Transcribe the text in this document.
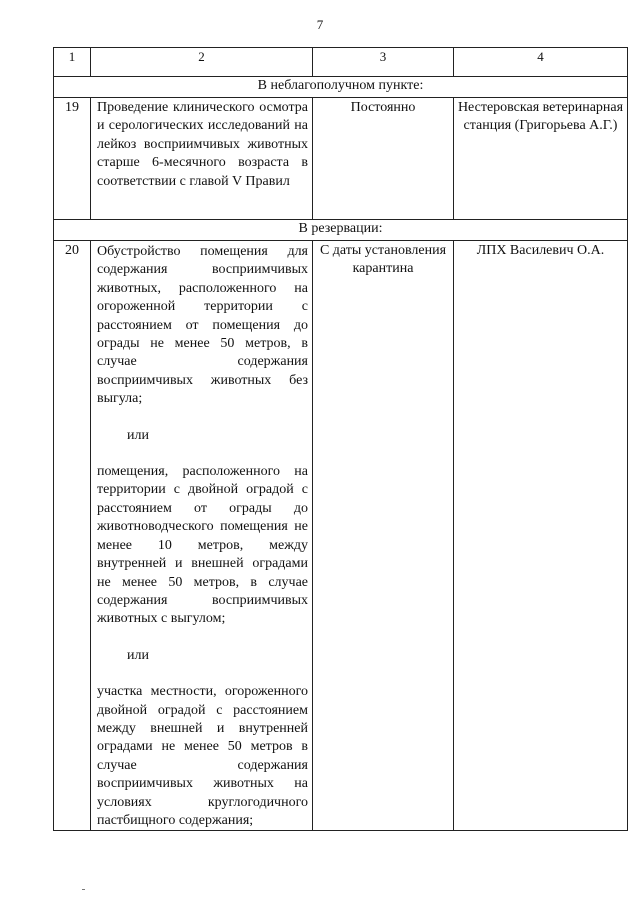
7
1	2	3	4
В неблагополучном пункте:			
19	Проведение клинического осмотра и серологических исследований на лейкоз восприимчивых животных старше 6-месячного возраста в соответствии с главой V Правил	Постоянно	Нестеровская ветеринарная станция (Григорьева А.Г.)
В резервации:			
20	Обустройство помещения для содержания восприимчивых животных, расположенного на огороженной территории с расстоянием от помещения до ограды не менее 50 метров, в случае содержания восприимчивых животных без выгула;

или

помещения, расположенного на территории с двойной оградой с расстоянием от ограды до животноводческого помещения не менее 10 метров, между внутренней и внешней оградами не менее 50 метров, в случае содержания восприимчивых животных с выгулом;

или

участка местности, огороженного двойной оградой с расстоянием между внешней и внутренней оградами не менее 50 метров в случае содержания восприимчивых животных на условиях круглогодичного пастбищного содержания;	С даты установления карантина	ЛПХ Василевич О.А.
